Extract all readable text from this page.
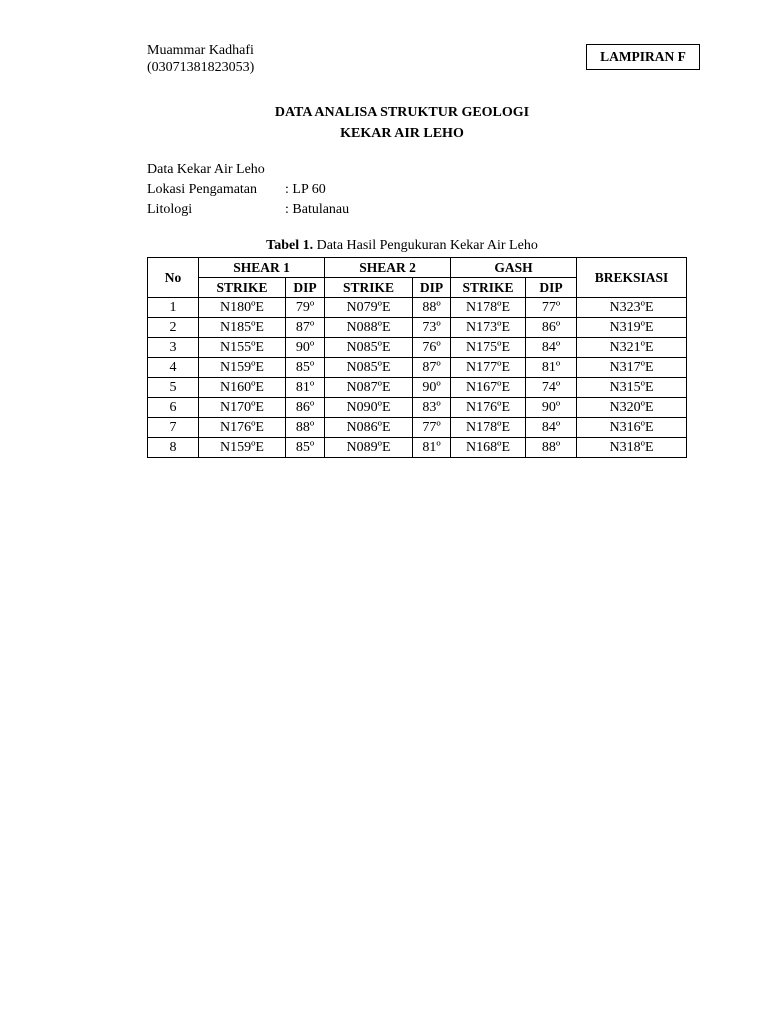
Muammar Kadhafi
(03071381823053)
LAMPIRAN F
DATA ANALISA STRUKTUR GEOLOGI
KEKAR AIR LEHO
Data Kekar Air Leho
Lokasi Pengamatan	: LP 60
Litologi	: Batulanau
Tabel 1. Data Hasil Pengukuran Kekar Air Leho
No	SHEAR 1		SHEAR 2		GASH		BREKSIASI
	STRIKE	DIP	STRIKE	DIP	STRIKE	DIP	
1	N180ºE	79º	N079ºE	88º	N178ºE	77º	N323ºE
2	N185ºE	87º	N088ºE	73º	N173ºE	86º	N319ºE
3	N155ºE	90º	N085ºE	76º	N175ºE	84º	N321ºE
4	N159ºE	85º	N085ºE	87º	N177ºE	81º	N317ºE
5	N160ºE	81º	N087ºE	90º	N167ºE	74º	N315ºE
6	N170ºE	86º	N090ºE	83º	N176ºE	90º	N320ºE
7	N176ºE	88º	N086ºE	77º	N178ºE	84º	N316ºE
8	N159ºE	85º	N089ºE	81º	N168ºE	88º	N318ºE
